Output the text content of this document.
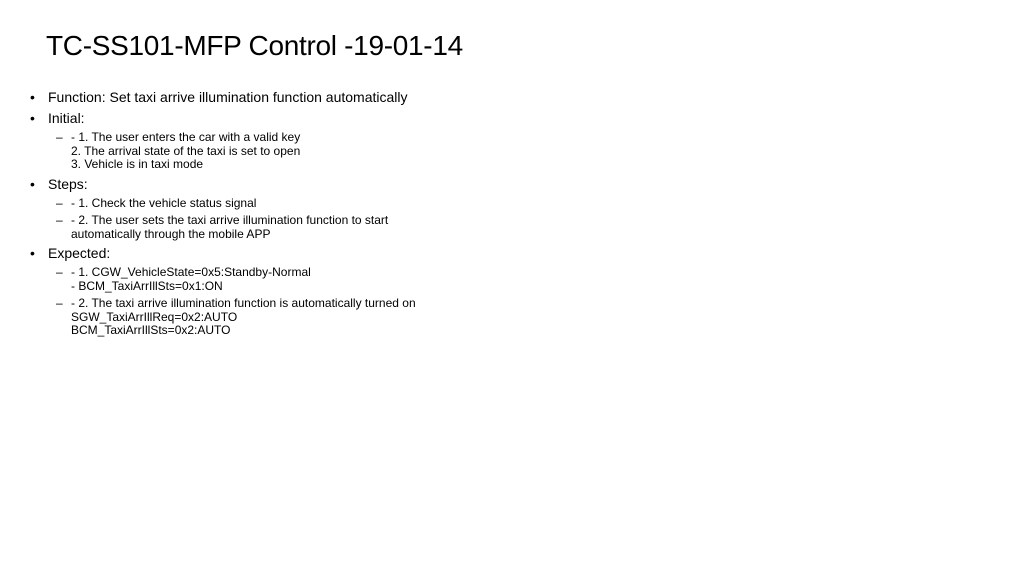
TC-SS101-MFP Control -19-01-14
• Function: Set taxi arrive illumination function automatically
• Initial:
– - 1. The user enters the car with a valid key
2. The arrival state of the taxi is set to open
3. Vehicle is in taxi mode
• Steps:
– - 1. Check the vehicle status signal
– - 2. The user sets the taxi arrive illumination function to start
automatically through the mobile APP
• Expected:
– - 1. CGW_VehicleState=0x5:Standby-Normal
- BCM_TaxiArrIllSts=0x1:ON
– - 2. The taxi arrive illumination function is automatically turned on
SGW_TaxiArrIllReq=0x2:AUTO
BCM_TaxiArrIllSts=0x2:AUTO
